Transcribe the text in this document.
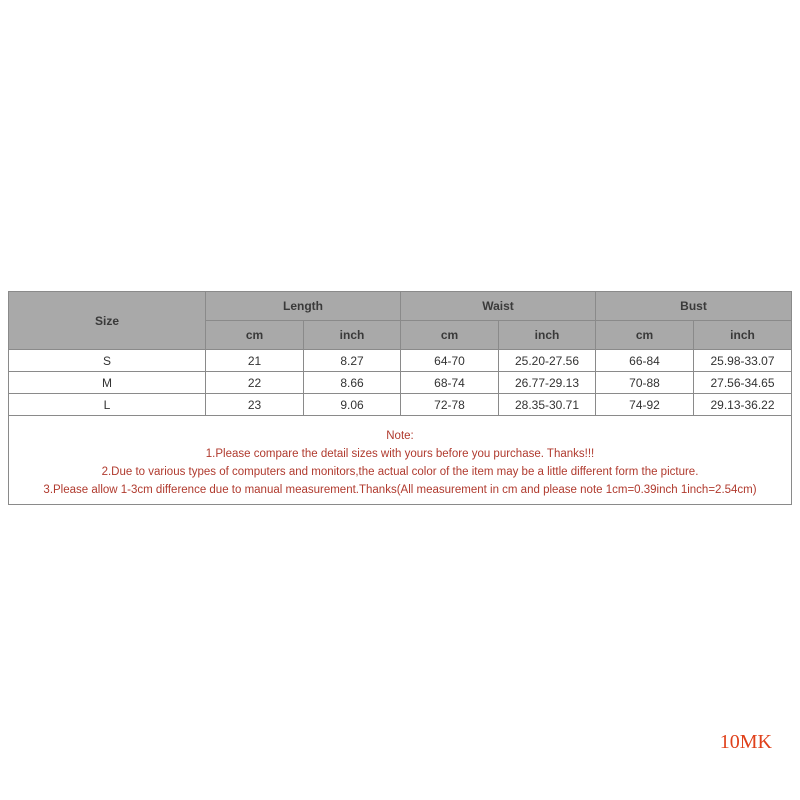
Size	Length		Waist		Bust	
	cm	inch	cm	inch	cm	inch
S	21	8.27	64-70	25.20-27.56	66-84	25.98-33.07
M	22	8.66	68-74	26.77-29.13	70-88	27.56-34.65
L	23	9.06	72-78	28.35-30.71	74-92	29.13-36.22

Note:
1.Please compare the detail sizes with yours before you purchase. Thanks!!!
2.Due to various types of computers and monitors,the actual color of the item may be a little different form the picture.
3.Please allow 1-3cm difference due to manual measurement.Thanks(All measurement in cm and please note 1cm=0.39inch 1inch=2.54cm)						
10MK
